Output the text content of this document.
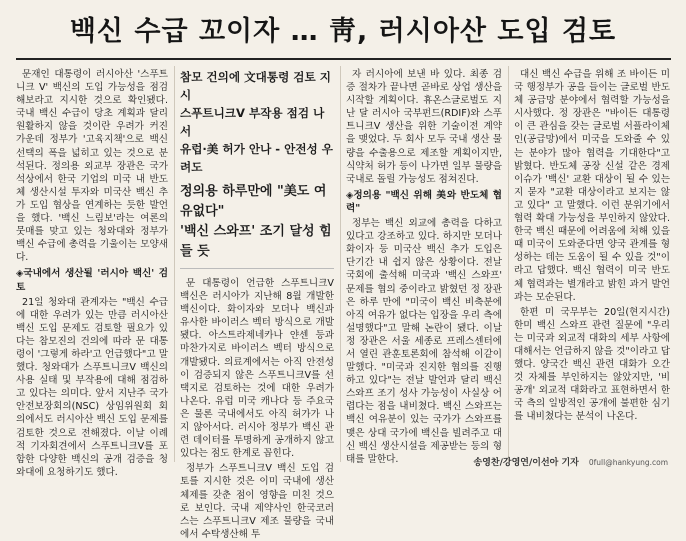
백신 수급 꼬이자 … 靑, 러시아산 도입 검토

문재인 대통령이 러시아산 '스푸트니크 V' 백신의 도입 가능성을 점검해보라고 지시한 것으로 확인됐다. 국내 백신 수급이 당초 계획과 달리 원활하지 않을 것이란 우려가 커진 가운데 정부가 '고육지책'으로 백신 선택의 폭을 넓히고 있는 것으로 분석된다. 정의용 외교부 장관은 국가석상에서 한국 기업의 미국 내 반도체 생산시설 투자와 미국산 백신 추가 도입 협상을 연계하는 듯한 발언을 했다. '백신 느림보'라는 여론의 뭇매를 맞고 있는 청와대와 정부가 백신 수급에 총력을 기울이는 모양새다.

◈국내에서 생산될 '러시아 백신' 검토

21일 청와대 관계자는 "백신 수급에 대한 우려가 있는 만큼 러시아산 백신 도입 문제도 검토할 필요가 있다는 참모진의 건의에 따라 문 대통령이 '그렇게 하라'고 언급했다"고 말했다. 청와대가 스푸트니크V 백신의 사용 실태 및 부작용에 대해 점검하고 있다는 의미다. 앞서 지난주 국가안전보장회의(NSC) 상임위원회 회의에서도 러시아산 백신 도입 문제를 검토한 것으로 전해졌다. 이날 이례적 기자회견에서 스푸트니크V를 포함한 다양한 백신의 공개 검증을 청와대에 요청하기도 했다.

참모 건의에 文대통령 검토 지시
스푸트니크V 부작용 점검 나서
유럽·美 허가 안나 - 안전성 우려도
정의용 하루만에 "美도 여유없다"
'백신 스와프' 조기 달성 힘들 듯

문 대통령이 언급한 스푸트니크V 백신은 러시아가 지난해 8월 개발한 백신이다. 화이자와 모더나 백신과 유사한 바이러스 벡터 방식으로 개발됐다. 아스트라제네카나 얀센 등과 마찬가지로 바이러스 벡터 방식으로 개발됐다. 의료계에서는 아직 안전성이 검증되지 않은 스푸트니크V를 선택지로 검토하는 것에 대한 우려가 나온다. 유럽 미국 캐나다 등 주요국은 물론 국내에서도 아직 허가가 나지 않아서다. 러시아 정부가 백신 관련 데이터를 투명하게 공개하지 않고 있다는 점도 한계로 꼽힌다.

정부가 스푸트니크V 백신 도입 검토를 지시한 것은 이미 국내에 생산체제를 갖춘 점이 영향을 미친 것으로 보인다. 국내 제약사인 한국코러스는 스푸트니크V 제조 물량을 국내에서 수탁생산해 투

자 러시아에 보낸 바 있다. 최종 검증 절차가 끝나면 곧바로 상업 생산을 시작할 계획이다. 휴온스글로벌도 지난 달 러시아 국부펀드(RDIF)와 스푸트니크V 생산을 위한 기술이전 계약을 맺었다. 두 회사 모두 국내 생산 물량을 수출용으로 제조할 계획이지만, 식약처 허가 등이 나가면 일부 물량을 국내로 돌릴 가능성도 점쳐진다.

◈정의용 "백신 위해 美와 반도체 협력"

정부는 백신 외교에 총력을 다하고 있다고 강조하고 있다. 하지만 모더나 화이자 등 미국산 백신 추가 도입은 단기간 내 쉽지 않은 상황이다. 전날 국회에 출석해 미국과 '백신 스와프' 문제를 협의 중이라고 밝혔던 정 장관은 하루 만에 "미국이 백신 비축분에 아직 여유가 없다는 입장을 우리 측에 설명했다"고 말해 논란이 됐다. 이날 정 장관은 서울 세종로 프레스센터에서 열린 관훈토론회에 참석해 이같이 말했다. "미국과 진지한 협의를 진행하고 있다"는 전날 발언과 달리 백신 스와프 조기 성사 가능성이 사실상 어렵다는 점을 내비쳤다. 백신 스와프는 백신 여유분이 있는 국가가 스와프를 맺은 상대 국가에 백신을 빌려주고 대신 백신 생산시설을 제공받는 등의 형태를 말한다.

대신 백신 수급을 위해 조 바이든 미국 행정부가 공을 들이는 글로벌 반도체 공급망 분야에서 협력할 가능성을 시사했다. 정 장관은 "바이든 대통령이 큰 관심을 갖는 글로벌 서플라이체인(공급망)에서 미국을 도와줄 수 있는 분야가 많아 협력을 기대한다"고 밝혔다. 반도체 공장 신설 같은 경제 이슈가 '백신' 교환 대상이 될 수 있는지 묻자 "교환 대상이라고 보지는 않고 있다" 고 말했다. 이런 분위기에서 협력 확대 가능성을 부인하지 않았다. 한국 백신 때문에 어려움에 처해 있을 때 미국이 도와준다면 양국 관계를 형성하는 데는 도움이 될 수 있을 것"이라고 답했다. 백신 협력이 미국 반도체 협력과는 별개라고 밝힌 과거 발언과는 모순된다.

한편 미 국무부는 20일(현지시간) 한미 백신 스와프 관련 질문에 "우리는 미국과 외교적 대화의 세부 사항에 대해서는 언급하지 않을 것"이라고 답했다. 양국간 백신 관련 대화가 오간 것 자체를 부인하지는 않았지만, '비공개' 외교적 대화라고 표현하면서 한국 측의 일방적인 공개에 불편한 심기를 내비쳤다는 분석이 나온다.

송영찬/강영연/이선아 기자 0full@hankyung.com
